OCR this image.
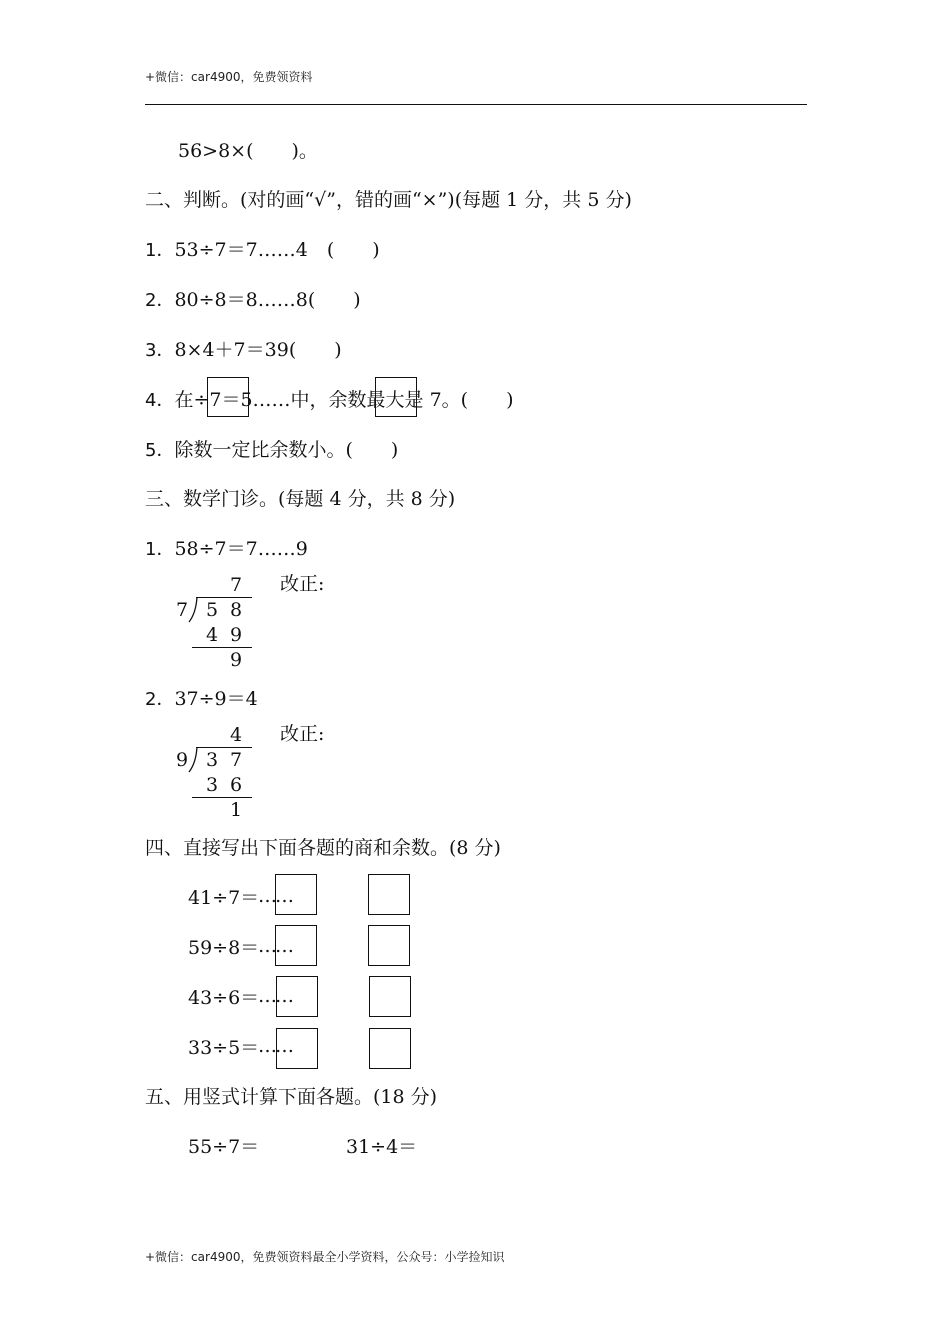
+微信：car4900，免费领资料
56>8×(　　)。
二、判断。(对的画“√”，错的画“×”)(每题 1 分，共 5 分)
1．53÷7＝7……4　(　　)
2．80÷8＝8……8(　　)
3．8×4＋7＝39(　　)
4．在÷7＝5……中，余数最大是 7。(　　)
5．除数一定比余数小。(　　)
三、数学门诊。(每题 4 分，共 8 分)
1．58÷7＝7……9
7
7 5 8
4 9
9
改正:
2．37÷9＝4
4
9 3 7
3 6
1
改正:
四、直接写出下面各题的商和余数。(8 分)
41÷7＝
……
59÷8＝
……
43÷6＝
……
33÷5＝
……
五、用竖式计算下面各题。(18 分)
55÷7＝	31÷4＝
+微信：car4900，免费领资料最全小学资料，公众号：小学捡知识
